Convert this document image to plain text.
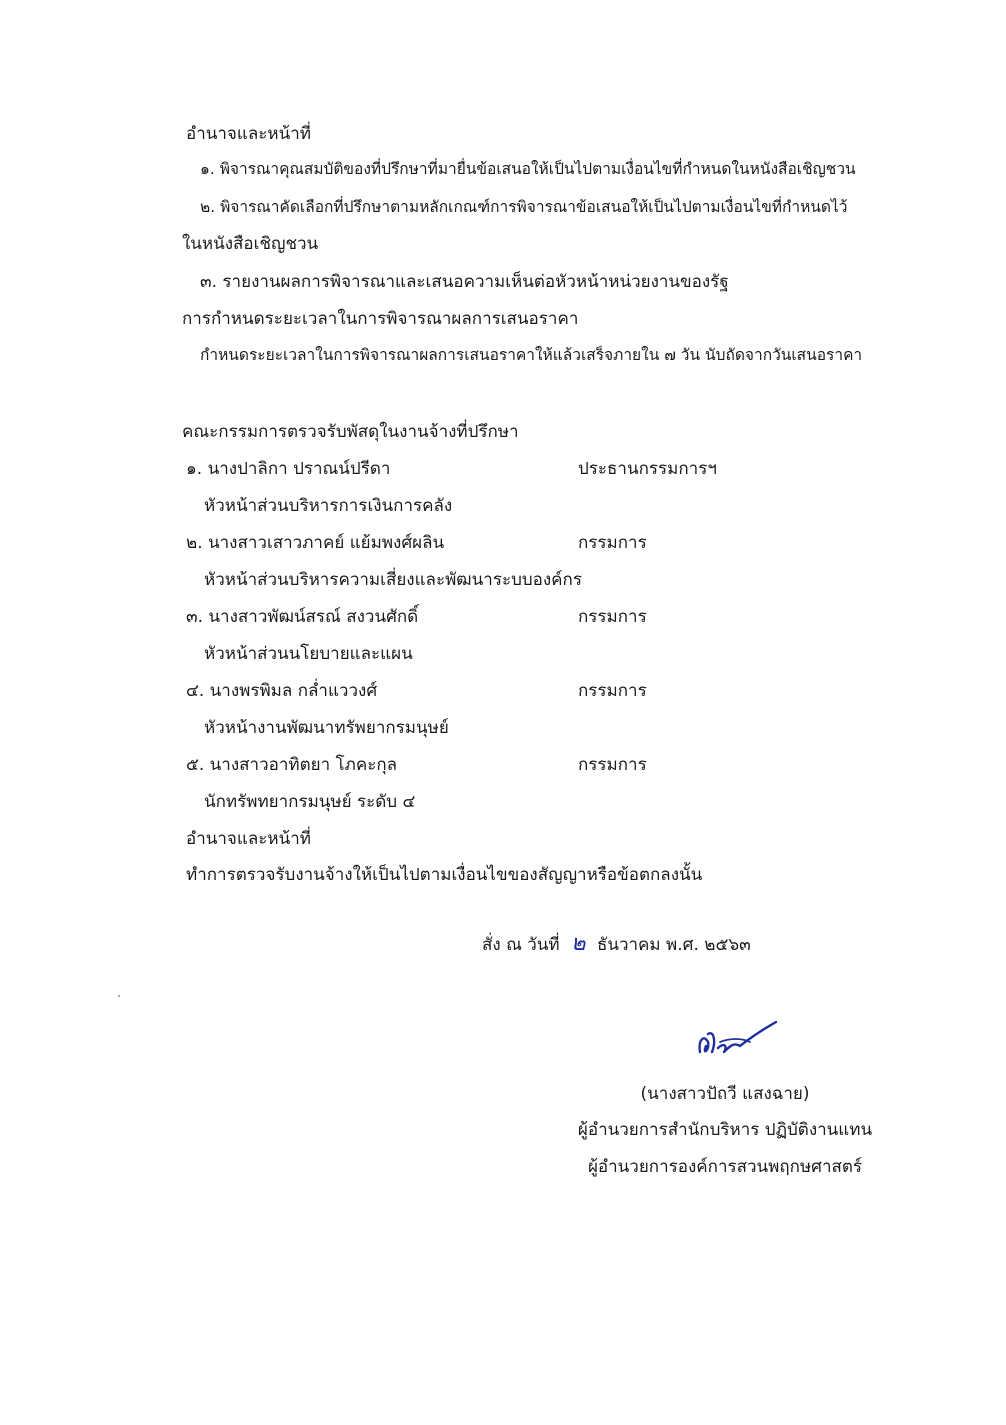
อำนาจและหน้าที่
๑. พิจารณาคุณสมบัติของที่ปรึกษาที่มายื่นข้อเสนอให้เป็นไปตามเงื่อนไขที่กำหนดในหนังสือเชิญชวน
๒. พิจารณาคัดเลือกที่ปรึกษาตามหลักเกณฑ์การพิจารณาข้อเสนอให้เป็นไปตามเงื่อนไขที่กำหนดไว้
ในหนังสือเชิญชวน
๓. รายงานผลการพิจารณาและเสนอความเห็นต่อหัวหน้าหน่วยงานของรัฐ
การกำหนดระยะเวลาในการพิจารณาผลการเสนอราคา
กำหนดระยะเวลาในการพิจารณาผลการเสนอราคาให้แล้วเสร็จภายใน ๗ วัน นับถัดจากวันเสนอราคา
คณะกรรมการตรวจรับพัสดุในงานจ้างที่ปรึกษา
๑. นางปาลิกา ปราณน์ปรีดา	ประธานกรรมการฯ
หัวหน้าส่วนบริหารการเงินการคลัง
๒. นางสาวเสาวภาคย์ แย้มพงศ์ผลิน	กรรมการ
หัวหน้าส่วนบริหารความเสี่ยงและพัฒนาระบบองค์กร
๓. นางสาวพัฒน์สรณ์ สงวนศักดิ์	กรรมการ
หัวหน้าส่วนนโยบายและแผน
๔. นางพรพิมล กล่ำแววงศ์	กรรมการ
หัวหน้างานพัฒนาทรัพยากรมนุษย์
๕. นางสาวอาทิตยา โภคะกุล	กรรมการ
นักทรัพทยากรมนุษย์ ระดับ ๔
อำนาจและหน้าที่
ทำการตรวจรับงานจ้างให้เป็นไปตามเงื่อนไขของสัญญาหรือข้อตกลงนั้น
สั่ง ณ วันที่ ๒ ธันวาคม พ.ศ. ๒๕๖๓
(นางสาวปัถวี แสงฉาย)
ผู้อำนวยการสำนักบริหาร ปฏิบัติงานแทน
ผู้อำนวยการองค์การสวนพฤกษศาสตร์
